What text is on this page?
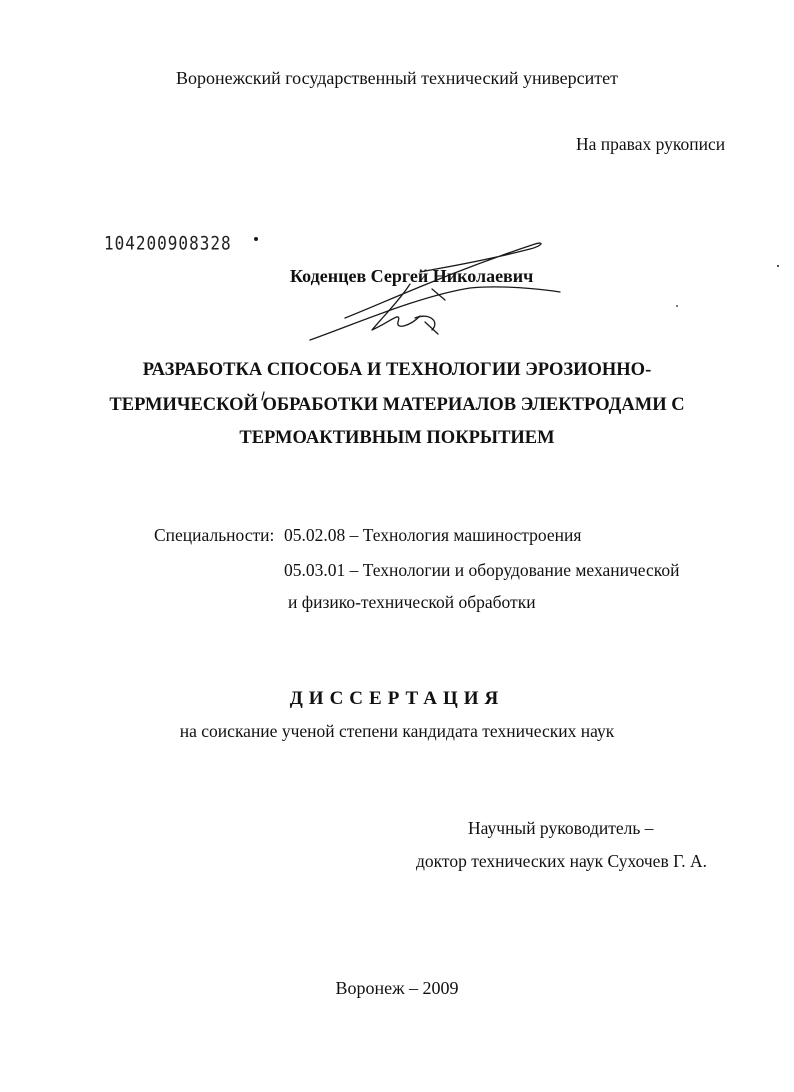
Воронежский государственный технический университет
На правах рукописи
104200908328
Коденцев Сергей Николаевич
РАЗРАБОТКА СПОСОБА И ТЕХНОЛОГИИ ЭРОЗИОННО-
ТЕРМИЧЕСКОЙ ОБРАБОТКИ МАТЕРИАЛОВ ЭЛЕКТРОДАМИ С
ТЕРМОАКТИВНЫМ ПОКРЫТИЕМ
Специальности: 05.02.08 – Технология машиностроения
05.03.01 – Технологии и оборудование механической
и физико-технической обработки
ДИССЕРТАЦИЯ
на соискание ученой степени кандидата технических наук
Научный руководитель –
доктор технических наук Сухочев Г. А.
Воронеж – 2009
